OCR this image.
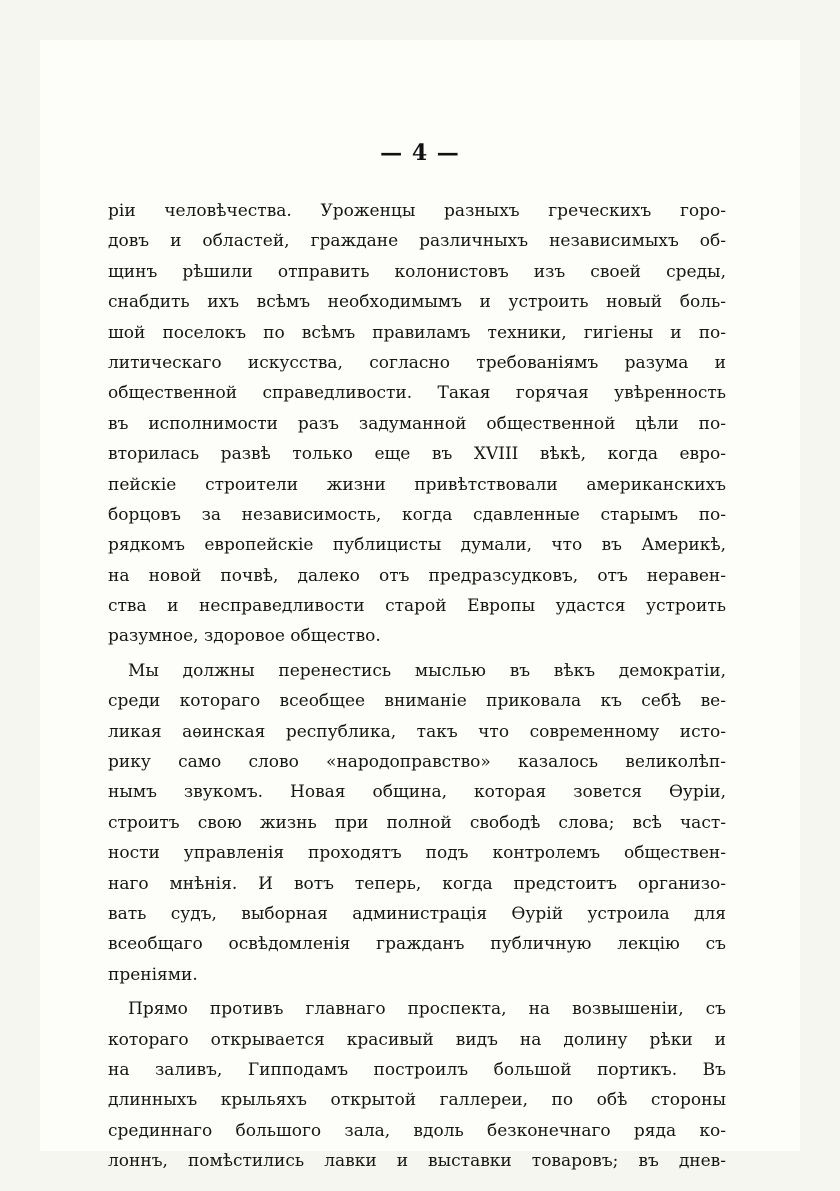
— 4 —
рiи человѣчества. Уроженцы разныхъ греческихъ горо-
довъ и областей, граждане различныхъ независимыхъ об-
щинъ рѣшили отправить колонистовъ изъ своей среды,
снабдить ихъ всѣмъ необходимымъ и устроить новый боль-
шой поселокъ по всѣмъ правиламъ техники, гигiены и по-
литическаго искусства, согласно требованiямъ разума и
общественной справедливости. Такая горячая увѣренность
въ исполнимости разъ задуманной общественной цѣли по-
вторилась развѣ только еще въ XVIII вѣкѣ, когда евро-
пейскiе строители жизни привѣтствовали американскихъ
борцовъ за независимость, когда сдавленные старымъ по-
рядкомъ европейскiе публицисты думали, что въ Америкѣ,
на новой почвѣ, далеко отъ предразсудковъ, отъ неравен-
ства и несправедливости старой Европы удастся устроить
разумное, здоровое общество.
Мы должны перенестись мыслью въ вѣкъ демократiи,
среди котораго всеобщее вниманiе приковала къ себѣ ве-
ликая аѳинская республика, такъ что современному исто-
рику само слово «народоправство» казалось великолѣп-
нымъ звукомъ. Новая община, которая зовется Ѳурiи,
строитъ свою жизнь при полной свободѣ слова; всѣ част-
ности управленiя проходятъ подъ контролемъ обществен-
наго мнѣнiя. И вотъ теперь, когда предстоитъ организо-
вать судъ, выборная администрацiя Ѳурiй устроила для
всеобщаго освѣдомленiя гражданъ публичную лекцiю съ
пренiями.
Прямо противъ главнаго проспекта, на возвышенiи, съ
котораго открывается красивый видъ на долину рѣки и
на заливъ, Гипподамъ построилъ большой портикъ. Въ
длинныхъ крыльяхъ открытой галлереи, по обѣ стороны
срединнаго большого зала, вдоль безконечнаго ряда ко-
лоннъ, помѣстились лавки и выставки товаровъ; въ днев-
